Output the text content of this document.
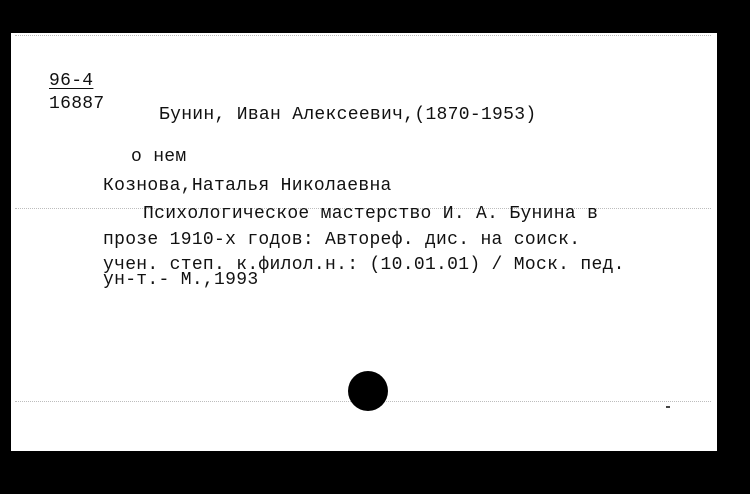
96-4
16887
Бунин, Иван Алексеевич,(1870-1953)
о нем
Кознова,Наталья Николаевна
Психологическое мастерство И. А. Бунина в
прозе 1910-х годов: Автореф. дис. на соиск.
учен. степ. к.филол.н.: (10.01.01) / Моск. пед.
ун-т.- М.,1993
